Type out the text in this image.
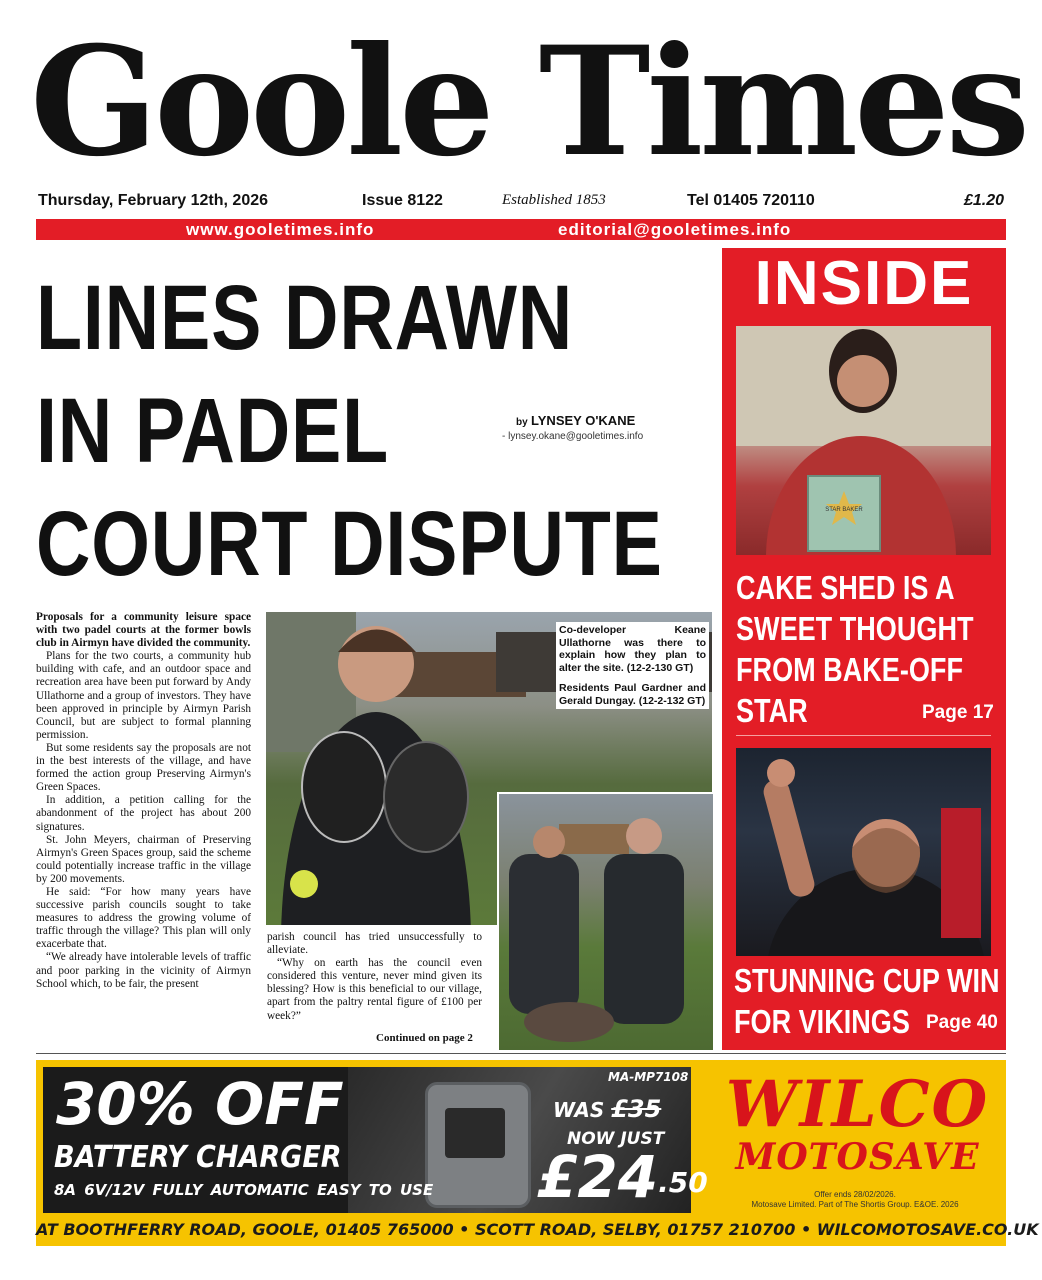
Goole Times
Thursday, February 12th, 2026	Issue 8122	Established 1853	Tel 01405 720110	£1.20
www.gooletimes.info	editorial@gooletimes.info
LINES DRAWN
IN PADEL
COURT DISPUTE
by LYNSEY O'KANE
- lynsey.okane@gooletimes.info

Proposals for a community leisure space with two padel courts at the former bowls club in Airmyn have divided the community.

Plans for the two courts, a community hub building with cafe, and an outdoor space and recreation area have been put forward by Andy Ullathorne and a group of investors. They have been approved in principle by Airmyn Parish Council, but are subject to formal planning permission.

But some residents say the proposals are not in the best interests of the village, and have formed the action group Preserving Airmyn's Green Spaces.

In addition, a petition calling for the abandonment of the project has about 200 signatures.

St. John Meyers, chairman of Preserving Airmyn's Green Spaces group, said the scheme could potentially increase traffic in the village by 200 movements.

He said: “For how many years have successive parish councils sought to take measures to address the growing volume of traffic through the village? This plan will only exacerbate that.

“We already have intolerable levels of traffic and poor parking in the vicinity of Airmyn School which, to be fair, the present

parish council has tried unsuccessfully to alleviate.

“Why on earth has the council even considered this venture, never mind given its blessing? How is this beneficial to our village, apart from the paltry rental figure of £100 per week?”

Continued on page 2

Co-developer Keane Ullathorne was there to explain how they plan to alter the site. (12-2-130 GT)

Residents Paul Gardner and Gerald Dungay. (12-2-132 GT)

INSIDE
STAR BAKER
CAKE SHED IS A
SWEET THOUGHT
FROM BAKE-OFF
STAR	Page 17
STUNNING CUP WIN
FOR VIKINGS Page 40
30% OFF
BATTERY CHARGER
8A 6V/12V FULLY AUTOMATIC EASY TO USE
MA-MP7108
WAS £35
NOW JUST
$£24^{.50}$
WILCO
MOTOSAVE
Offer ends 28/02/2026.
Motosave Limited. Part of The Shortis Group. E&OE. 2026
AT BOOTHFERRY ROAD, GOOLE, 01405 765000 • SCOTT ROAD, SELBY, 01757 210700 • WILCOMOTOSAVE.CO.UK
